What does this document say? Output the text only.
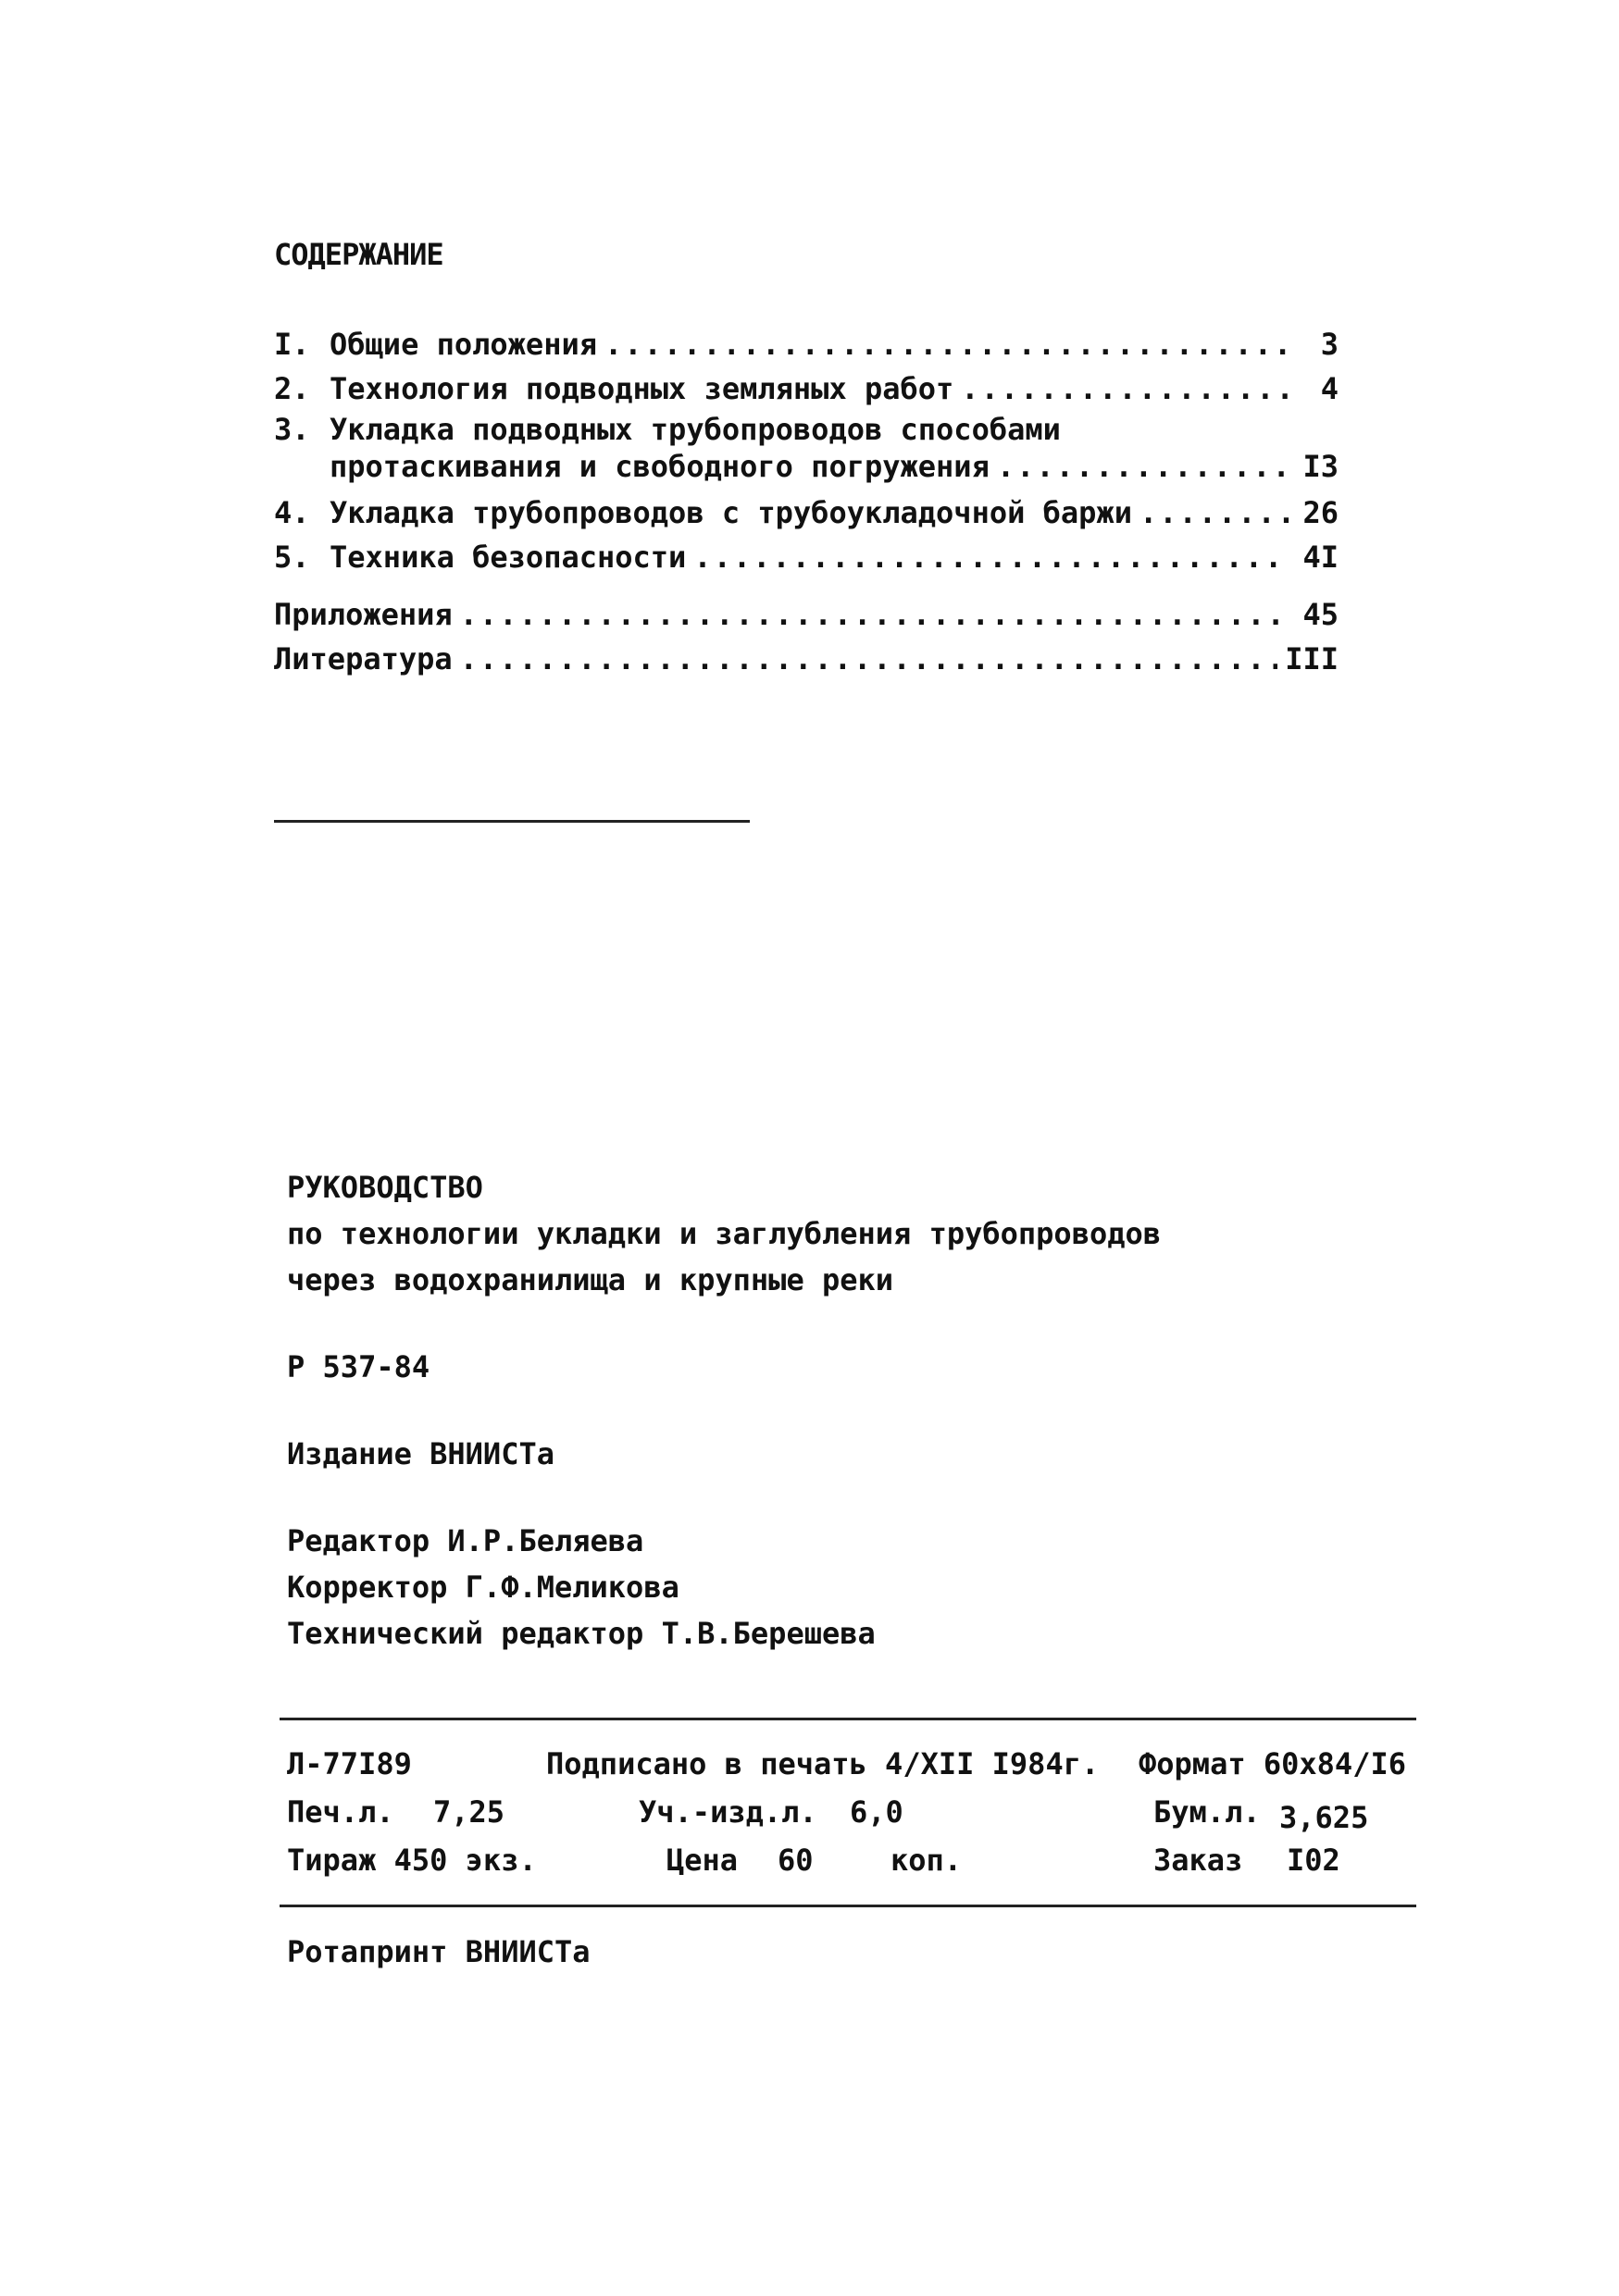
СОДЕРЖАНИЕ
I. Общие положения .....	3
2. Технология подводных земляных работ .....	4
3. Укладка подводных трубопроводов способами
протаскивания и свободного погружения .....	I3
4. Укладка трубопроводов с трубоукладочной баржи .....	26
5. Техника безопасности .....	4I
Приложения .....	45
Литература .....	III
РУКОВОДСТВО
по технологии укладки и заглубления трубопроводов
через водохранилища и крупные реки
Р 537-84
Издание ВНИИСТа
Редактор И.Р.Беляева
Корректор Г.Ф.Меликова
Технический редактор Т.В.Берешева
Л-77I89	Подписано в печать 4/XII I984г. Формат 60х84/I6
Печ.л. 7,25	Уч.-изд.л. 6,0	Бум.л. 3,625
Тираж 450 экз.	Цена 60	коп.	Заказ I02
Ротапринт ВНИИСТа
